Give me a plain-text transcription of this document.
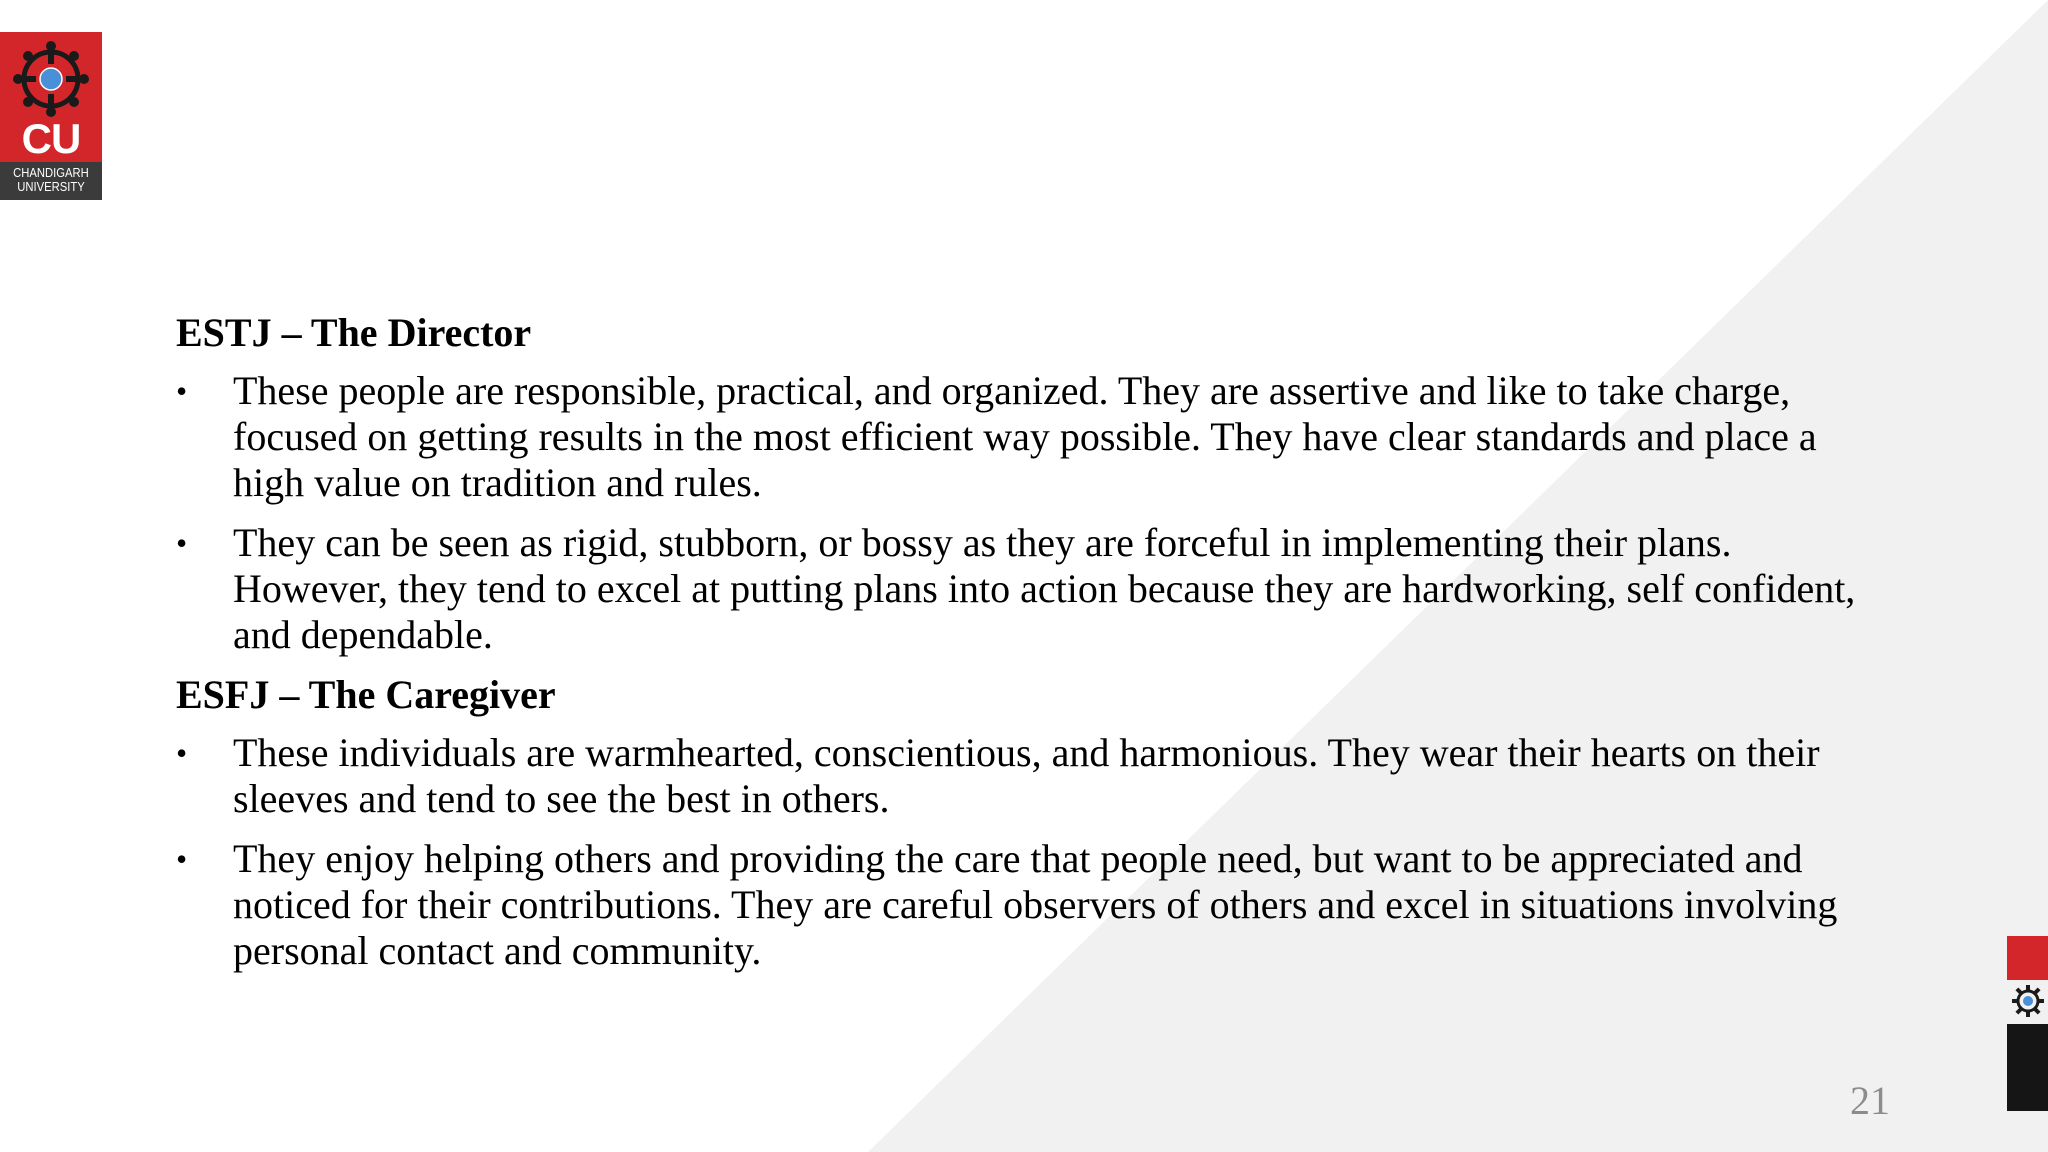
CU
CHANDIGARH
UNIVERSITY
ESTJ – The Director
• These people are responsible, practical, and organized. They are assertive and like to take charge, focused on getting results in the most efficient way possible. They have clear standards and place a high value on tradition and rules.
• They can be seen as rigid, stubborn, or bossy as they are forceful in implementing their plans. However, they tend to excel at putting plans into action because they are hardworking, self confident, and dependable.
ESFJ – The Caregiver
• These individuals are warmhearted, conscientious, and harmonious. They wear their hearts on their sleeves and tend to see the best in others.
• They enjoy helping others and providing the care that people need, but want to be appreciated and noticed for their contributions. They are careful observers of others and excel in situations involving personal contact and community.
21
